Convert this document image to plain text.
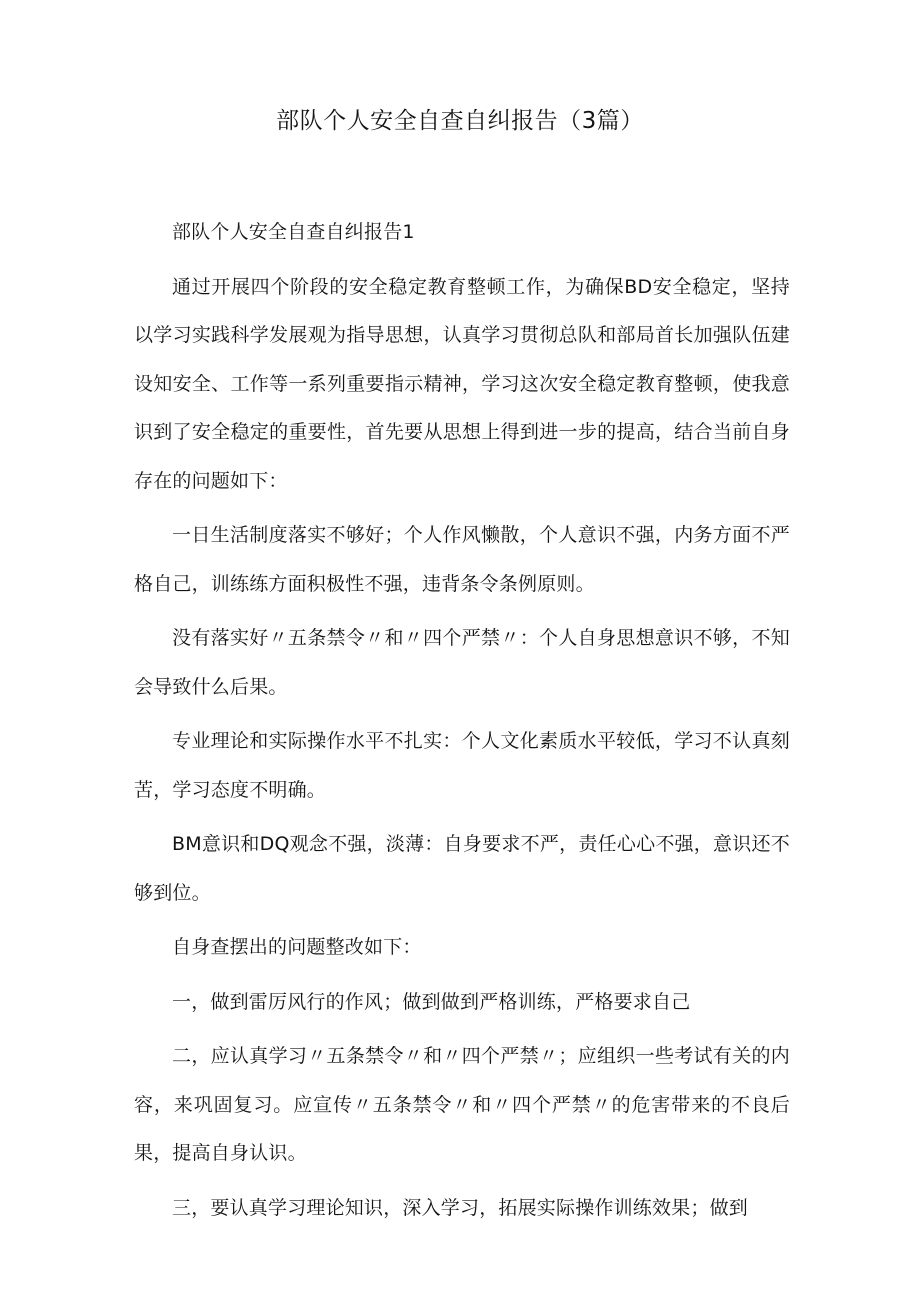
部队个人安全自查自纠报告（3篇）

部队个人安全自查自纠报告1

通过开展四个阶段的安全稳定教育整顿工作，为确保BD安全稳定，坚持以学习实践科学发展观为指导思想，认真学习贯彻总队和部局首长加强队伍建设知安全、工作等一系列重要指示精神，学习这次安全稳定教育整顿，使我意识到了安全稳定的重要性，首先要从思想上得到进一步的提高，结合当前自身存在的问题如下：

一日生活制度落实不够好；个人作风懒散，个人意识不强，内务方面不严格自己，训练练方面积极性不强，违背条令条例原则。

没有落实好〃五条禁令〃和〃四个严禁〃：个人自身思想意识不够，不知会导致什么后果。

专业理论和实际操作水平不扎实：个人文化素质水平较低，学习不认真刻苦，学习态度不明确。

BM意识和DQ观念不强，淡薄：自身要求不严，责任心心不强，意识还不够到位。

自身查摆出的问题整改如下：

一，做到雷厉风行的作风；做到做到严格训练，严格要求自己

二，应认真学习〃五条禁令〃和〃四个严禁〃；应组织一些考试有关的内容，来巩固复习。应宣传〃五条禁令〃和〃四个严禁〃的危害带来的不良后果，提高自身认识。

三，要认真学习理论知识，深入学习，拓展实际操作训练效果；做到
